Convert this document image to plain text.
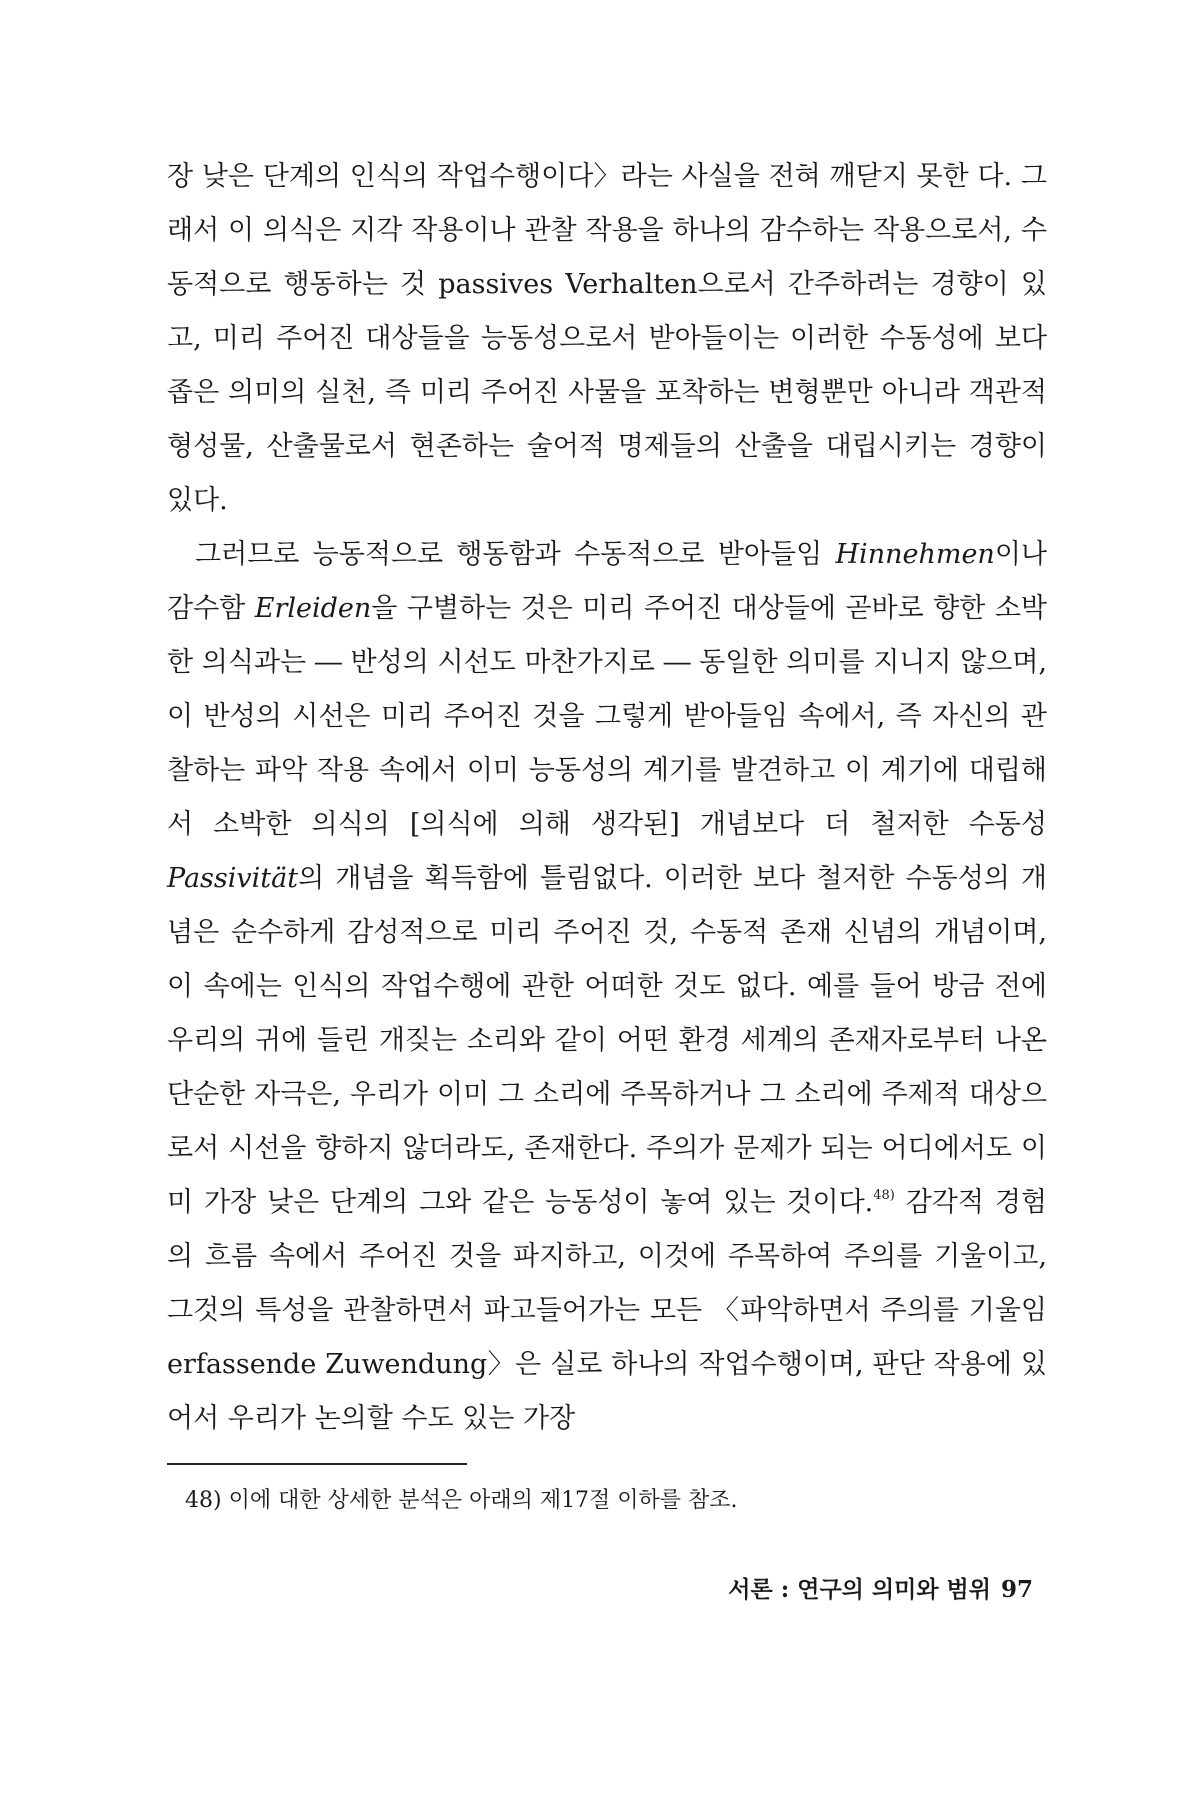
장 낮은 단계의 인식의 작업수행이다〉라는 사실을 전혀 깨닫지 못한 다. 그래서 이 의식은 지각 작용이나 관찰 작용을 하나의 감수하는 작용으로서, 수동적으로 행동하는 것 passives Verhalten으로서 간주하려는 경향이 있고, 미리 주어진 대상들을 능동성으로서 받아들이는 이러한 수동성에 보다 좁은 의미의 실천, 즉 미리 주어진 사물을 포착하는 변형뿐만 아니라 객관적 형성물, 산출물로서 현존하는 술어적 명제들의 산출을 대립시키는 경향이 있다.

그러므로 능동적으로 행동함과 수동적으로 받아들임 Hinnehmen이나 감수함 Erleiden을 구별하는 것은 미리 주어진 대상들에 곧바로 향한 소박한 의식과는 ― 반성의 시선도 마찬가지로 ― 동일한 의미를 지니지 않으며, 이 반성의 시선은 미리 주어진 것을 그렇게 받아들임 속에서, 즉 자신의 관찰하는 파악 작용 속에서 이미 능동성의 계기를 발견하고 이 계기에 대립해서 소박한 의식의 [의식에 의해 생각된] 개념보다 더 철저한 수동성 Passivität의 개념을 획득함에 틀림없다. 이러한 보다 철저한 수동성의 개념은 순수하게 감성적으로 미리 주어진 것, 수동적 존재 신념의 개념이며, 이 속에는 인식의 작업수행에 관한 어떠한 것도 없다. 예를 들어 방금 전에 우리의 귀에 들린 개짖는 소리와 같이 어떤 환경 세계의 존재자로부터 나온 단순한 자극은, 우리가 이미 그 소리에 주목하거나 그 소리에 주제적 대상으로서 시선을 향하지 않더라도, 존재한다. 주의가 문제가 되는 어디에서도 이미 가장 낮은 단계의 그와 같은 능동성이 놓여 있는 것이다.$^{48)}$ 감각적 경험의 흐름 속에서 주어진 것을 파지하고, 이것에 주목하여 주의를 기울이고, 그것의 특성을 관찰하면서 파고들어가는 모든 〈파악하면서 주의를 기울임 erfassende Zuwendung〉은 실로 하나의 작업수행이며, 판단 작용에 있어서 우리가 논의할 수도 있는 가장

48) 이에 대한 상세한 분석은 아래의 제17절 이하를 참조.
서론 : 연구의 의미와 범위 97
